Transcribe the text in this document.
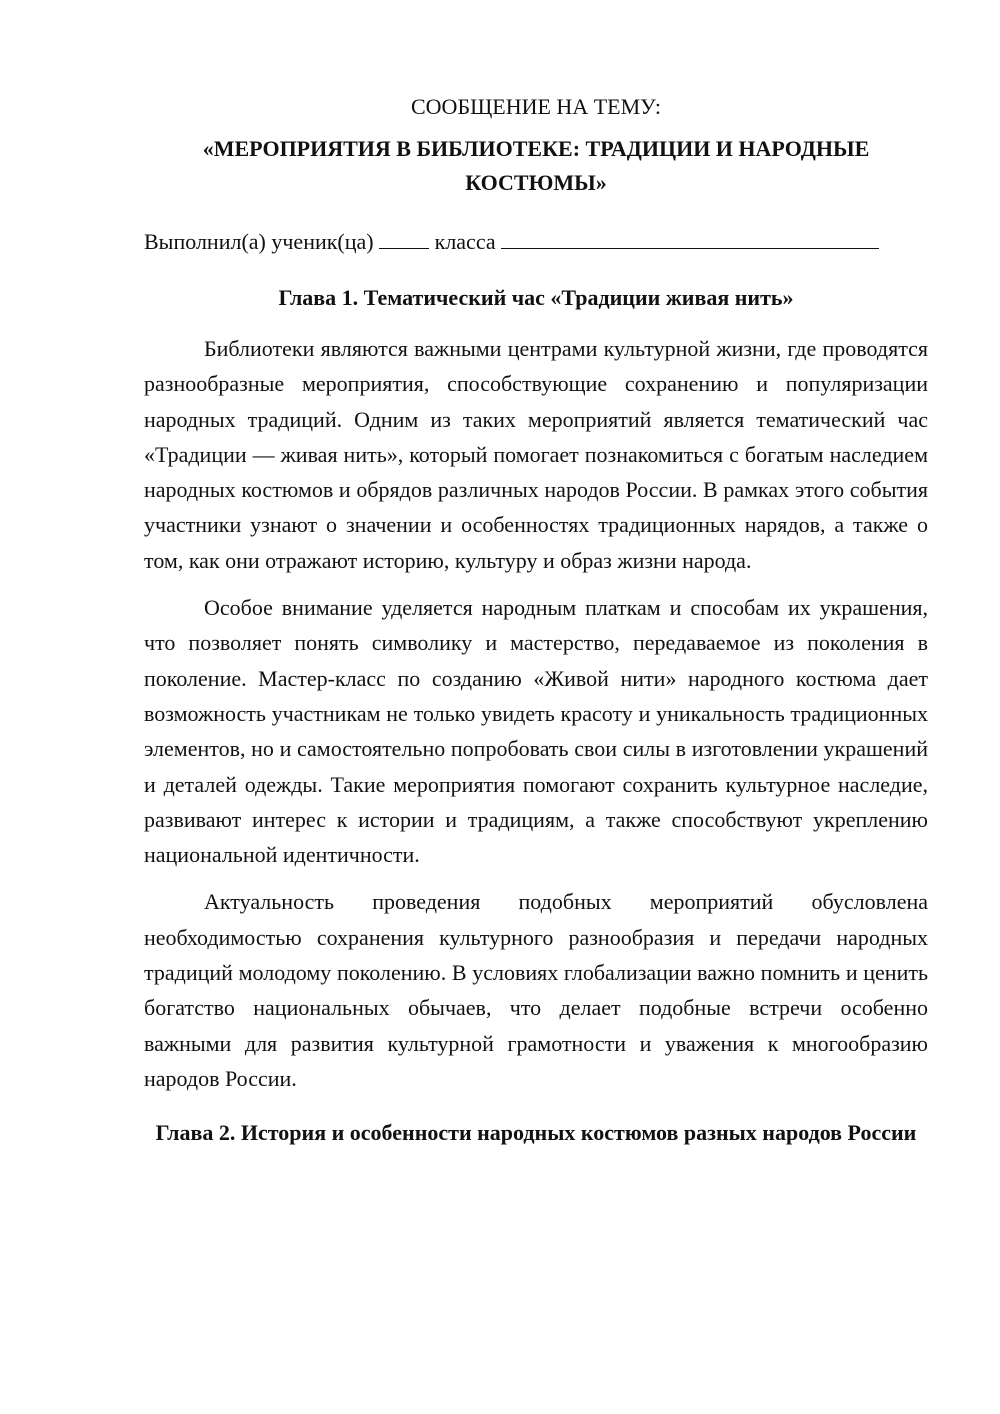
СООБЩЕНИЕ НА ТЕМУ:

«МЕРОПРИЯТИЯ В БИБЛИОТЕКЕ: ТРАДИЦИИ И НАРОДНЫЕ КОСТЮМЫ»

Выполнил(а) ученик(ца)	класса

Глава 1. Тематический час «Традиции живая нить»

Библиотеки являются важными центрами культурной жизни, где проводятся разнообразные мероприятия, способствующие сохранению и популяризации народных традиций. Одним из таких мероприятий является тематический час «Традиции — живая нить», который помогает познакомиться с богатым наследием народных костюмов и обрядов различных народов России. В рамках этого события участники узнают о значении и особенностях традиционных нарядов, а также о том, как они отражают историю, культуру и образ жизни народа.

Особое внимание уделяется народным платкам и способам их украшения, что позволяет понять символику и мастерство, передаваемое из поколения в поколение. Мастер-класс по созданию «Живой нити» народного костюма дает возможность участникам не только увидеть красоту и уникальность традиционных элементов, но и самостоятельно попробовать свои силы в изготовлении украшений и деталей одежды. Такие мероприятия помогают сохранить культурное наследие, развивают интерес к истории и традициям, а также способствуют укреплению национальной идентичности.

Актуальность проведения подобных мероприятий обусловлена необходимостью сохранения культурного разнообразия и передачи народных традиций молодому поколению. В условиях глобализации важно помнить и ценить богатство национальных обычаев, что делает подобные встречи особенно важными для развития культурной грамотности и уважения к многообразию народов России.

Глава 2. История и особенности народных костюмов разных народов России
